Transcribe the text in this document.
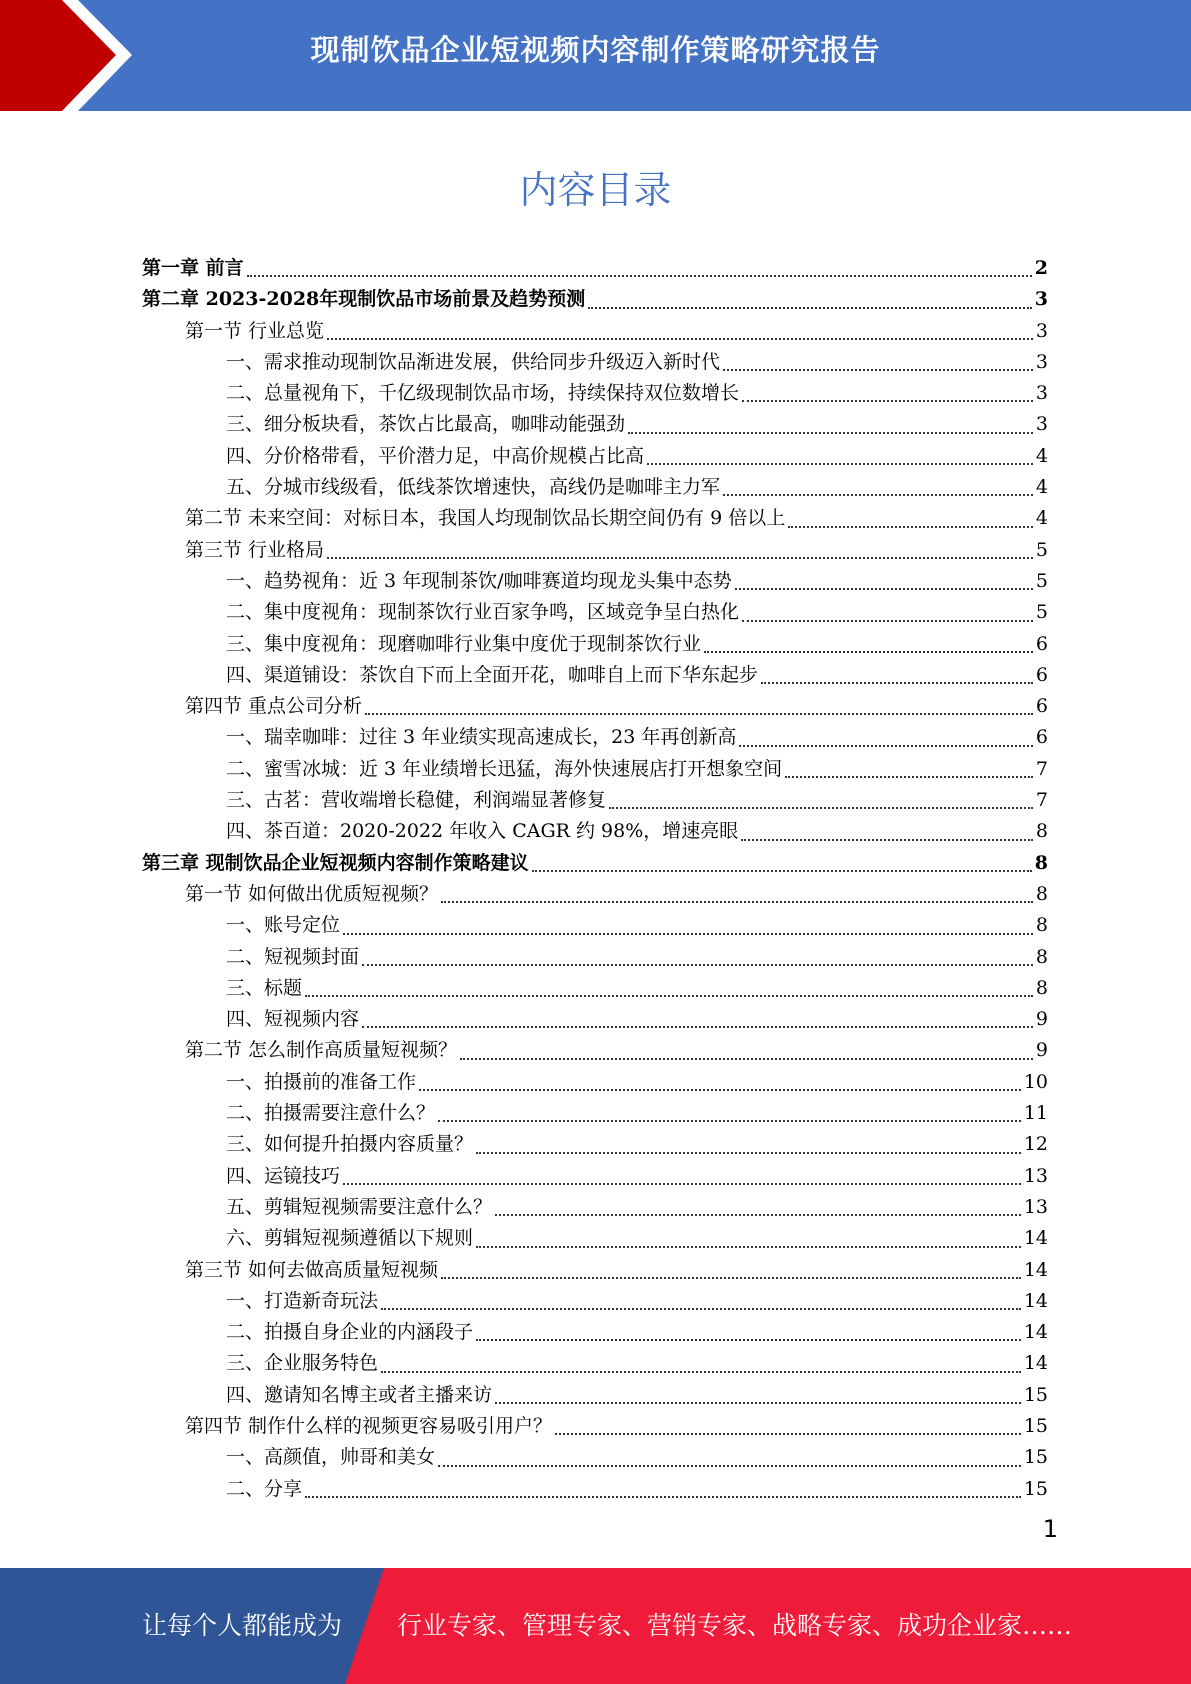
现制饮品企业短视频内容制作策略研究报告
内容目录
第一章 前言	2
第二章 2023-2028年现制饮品市场前景及趋势预测	3
第一节 行业总览	3
一、需求推动现制饮品渐进发展，供给同步升级迈入新时代	3
二、总量视角下，千亿级现制饮品市场，持续保持双位数增长	3
三、细分板块看，茶饮占比最高，咖啡动能强劲	3
四、分价格带看，平价潜力足，中高价规模占比高	4
五、分城市线级看，低线茶饮增速快，高线仍是咖啡主力军	4
第二节 未来空间：对标日本，我国人均现制饮品长期空间仍有 9 倍以上	4
第三节 行业格局	5
一、趋势视角：近 3 年现制茶饮/咖啡赛道均现龙头集中态势	5
二、集中度视角：现制茶饮行业百家争鸣，区域竞争呈白热化	5
三、集中度视角：现磨咖啡行业集中度优于现制茶饮行业	6
四、渠道铺设：茶饮自下而上全面开花，咖啡自上而下华东起步	6
第四节 重点公司分析	6
一、瑞幸咖啡：过往 3 年业绩实现高速成长，23 年再创新高	6
二、蜜雪冰城：近 3 年业绩增长迅猛，海外快速展店打开想象空间	7
三、古茗：营收端增长稳健，利润端显著修复	7
四、茶百道：2020-2022 年收入 CAGR 约 98%，增速亮眼	8
第三章 现制饮品企业短视频内容制作策略建议	8
第一节 如何做出优质短视频？	8
一、账号定位	8
二、短视频封面	8
三、标题	8
四、短视频内容	9
第二节 怎么制作高质量短视频？	9
一、拍摄前的准备工作	10
二、拍摄需要注意什么？	11
三、如何提升拍摄内容质量？	12
四、运镜技巧	13
五、剪辑短视频需要注意什么？	13
六、剪辑短视频遵循以下规则	14
第三节 如何去做高质量短视频	14
一、打造新奇玩法	14
二、拍摄自身企业的内涵段子	14
三、企业服务特色	14
四、邀请知名博主或者主播来访	15
第四节 制作什么样的视频更容易吸引用户？	15
一、高颜值，帅哥和美女	15
二、分享	15
1
让每个人都能成为 行业专家、管理专家、营销专家、战略专家、成功企业家……
